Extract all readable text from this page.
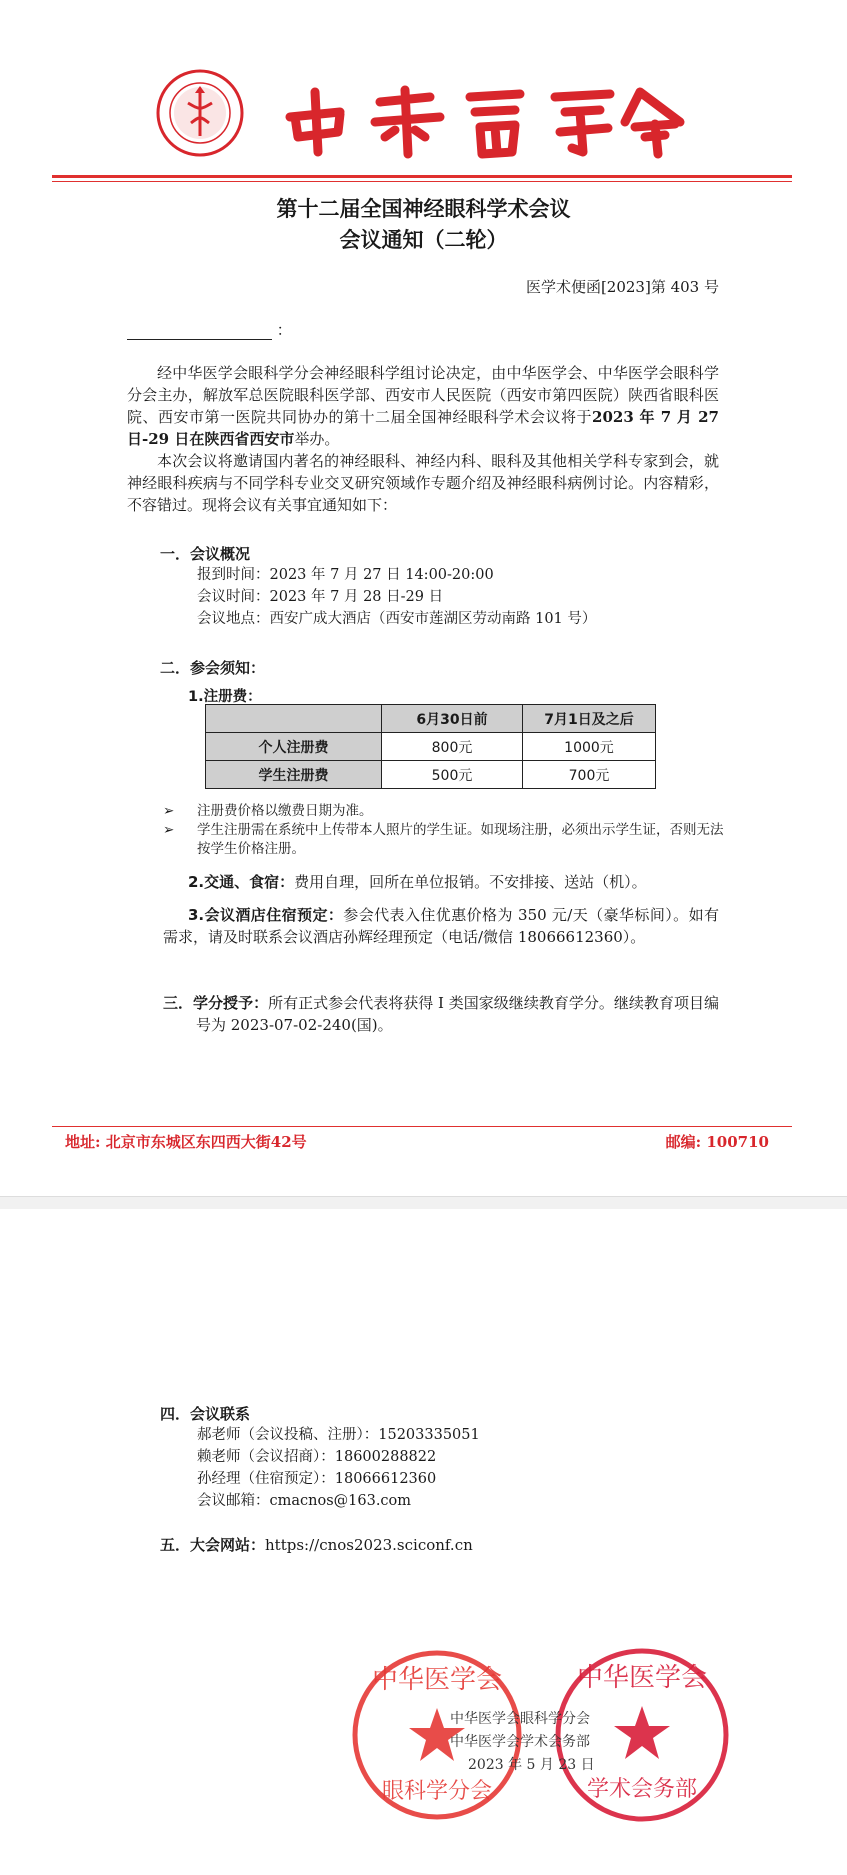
第十二届全国神经眼科学术会议
会议通知（二轮）
医学术便函[2023]第 403 号
：
经中华医学会眼科学分会神经眼科学组讨论决定，由中华医学会、中华医学会眼科学分会主办，解放军总医院眼科医学部、西安市人民医院（西安市第四医院）陕西省眼科医院、西安市第一医院共同协办的第十二届全国神经眼科学术会议将于2023 年 7 月 27 日-29 日在陕西省西安市举办。
本次会议将邀请国内著名的神经眼科、神经内科、眼科及其他相关学科专家到会，就神经眼科疾病与不同学科专业交叉研究领域作专题介绍及神经眼科病例讨论。内容精彩，不容错过。现将会议有关事宜通知如下：
一．会议概况
报到时间：2023 年 7 月 27 日 14:00-20:00
会议时间：2023 年 7 月 28 日-29 日
会议地点：西安广成大酒店（西安市莲湖区劳动南路 101 号）
二．参会须知：
1.注册费：
	6月30日前	7月1日及之后
个人注册费	800元	1000元
学生注册费	500元	700元
➢ 注册费价格以缴费日期为准。
➢ 学生注册需在系统中上传带本人照片的学生证。如现场注册，必须出示学生证，否则无法按学生价格注册。
2.交通、食宿：费用自理，回所在单位报销。不安排接、送站（机）。
3.会议酒店住宿预定：参会代表入住优惠价格为 350 元/天（豪华标间）。如有需求，请及时联系会议酒店孙辉经理预定（电话/微信 18066612360）。
三．学分授予：所有正式参会代表将获得 I 类国家级继续教育学分。继续教育项目编号为 2023-07-02-240(国)。
地址: 北京市东城区东四西大街42号	邮编: 100710
四．会议联系
郝老师（会议投稿、注册）：15203335051
赖老师（会议招商）：18600288822
孙经理（住宿预定）：18066612360
会议邮箱：cmacnos@163.com
五．大会网站：https://cnos2023.sciconf.cn
中华医学会
眼科学分会
中华医学会
学术会务部
中华医学会眼科学分会
中华医学会学术会务部
2023 年 5 月 23 日
